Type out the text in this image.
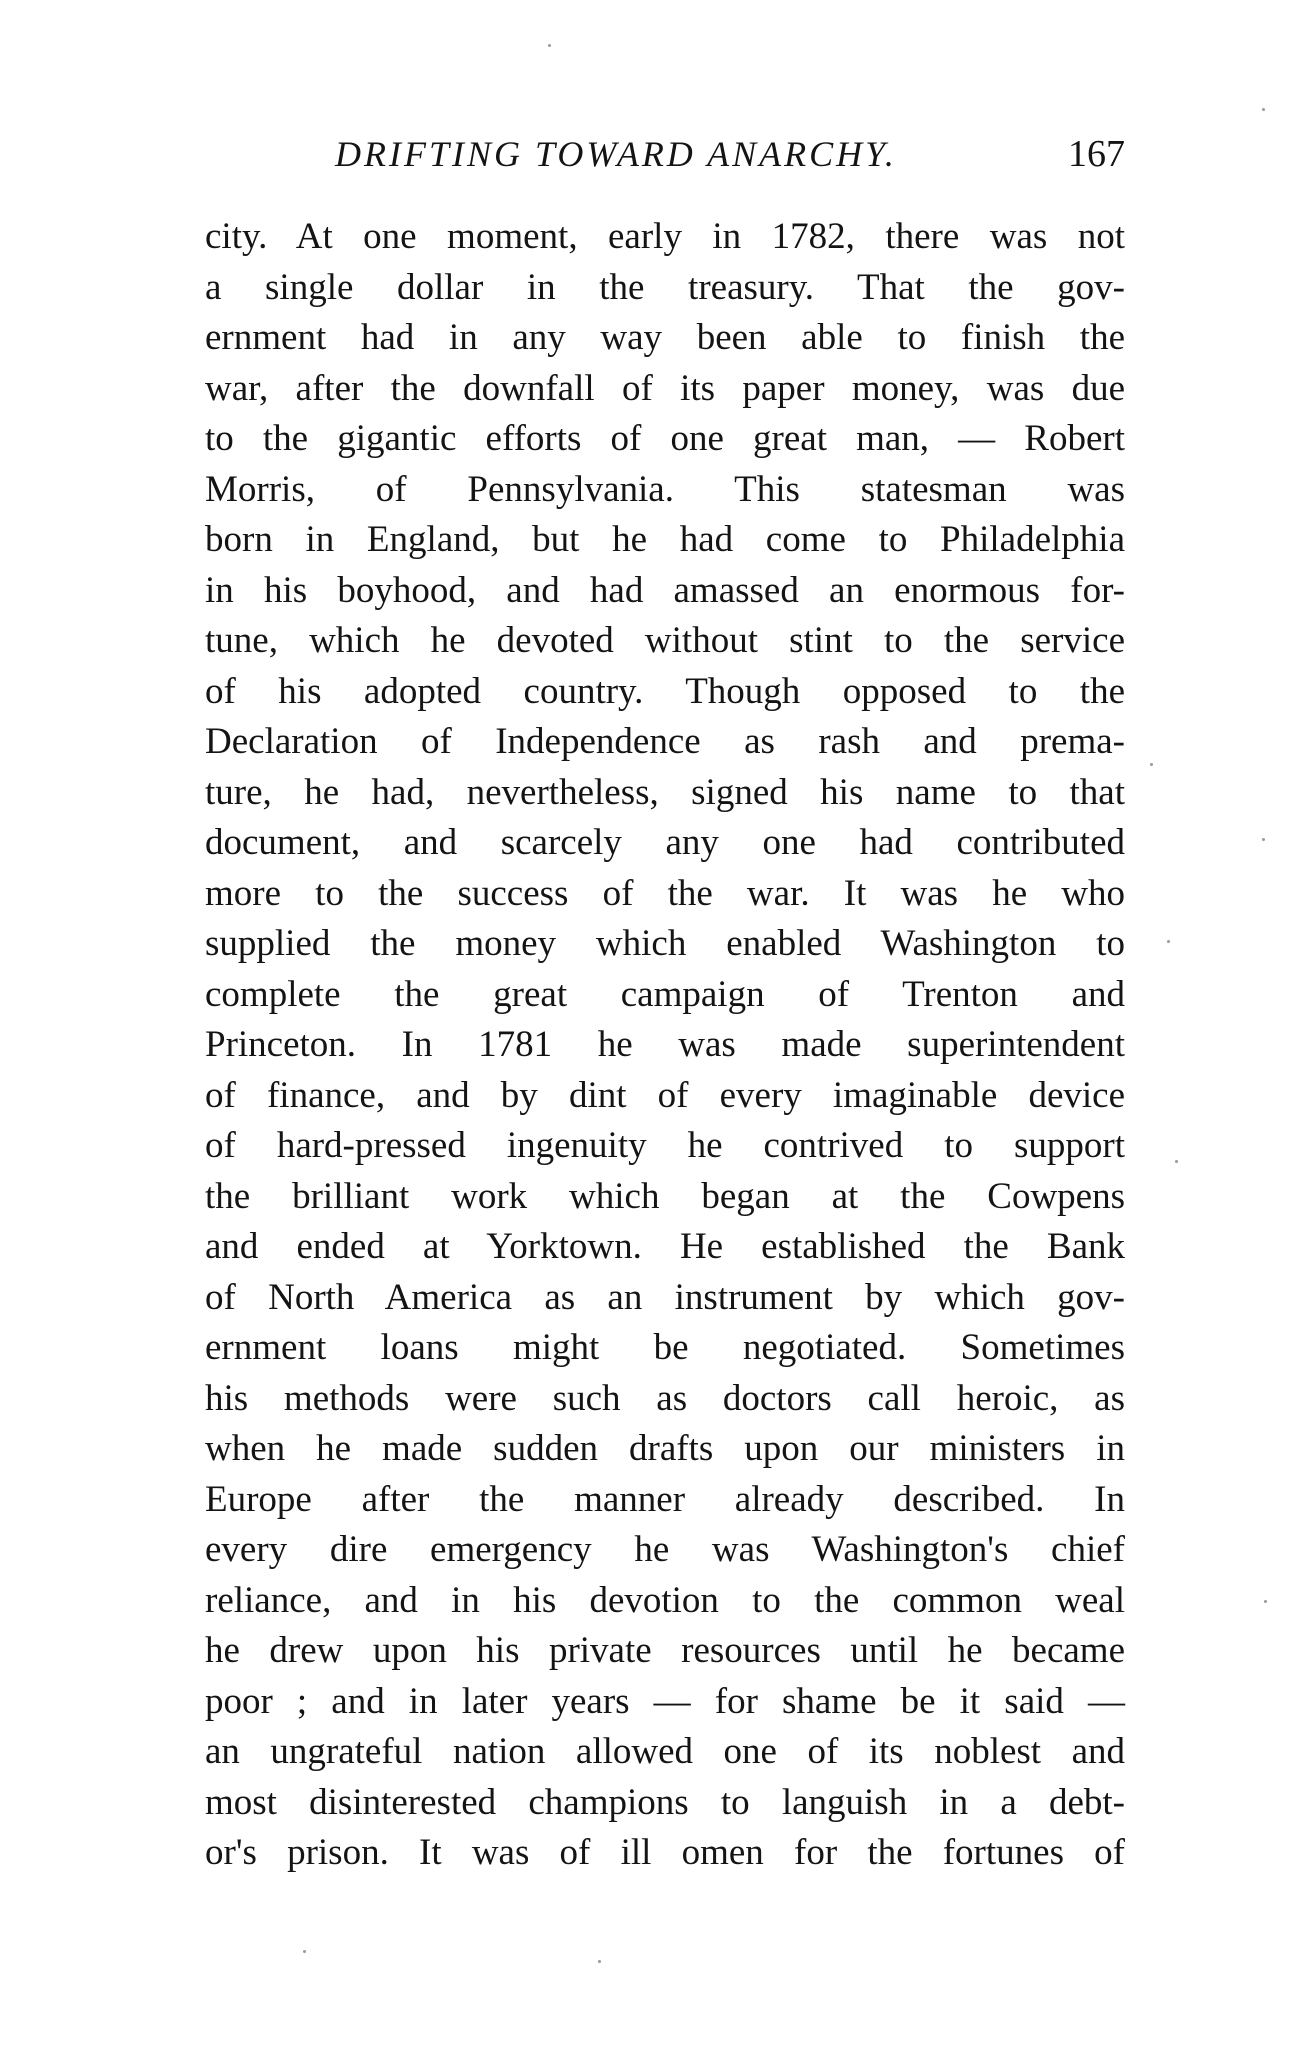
DRIFTING TOWARD ANARCHY.	167
city. At one moment, early in 1782, there was not
a single dollar in the treasury. That the gov-
ernment had in any way been able to finish the
war, after the downfall of its paper money, was due
to the gigantic efforts of one great man, — Robert
Morris, of Pennsylvania. This statesman was
born in England, but he had come to Philadelphia
in his boyhood, and had amassed an enormous for-
tune, which he devoted without stint to the service
of his adopted country. Though opposed to the
Declaration of Independence as rash and prema-
ture, he had, nevertheless, signed his name to that
document, and scarcely any one had contributed
more to the success of the war. It was he who
supplied the money which enabled Washington to
complete the great campaign of Trenton and
Princeton. In 1781 he was made superintendent
of finance, and by dint of every imaginable device
of hard-pressed ingenuity he contrived to support
the brilliant work which began at the Cowpens
and ended at Yorktown. He established the Bank
of North America as an instrument by which gov-
ernment loans might be negotiated. Sometimes
his methods were such as doctors call heroic, as
when he made sudden drafts upon our ministers in
Europe after the manner already described. In
every dire emergency he was Washington's chief
reliance, and in his devotion to the common weal
he drew upon his private resources until he became
poor ; and in later years — for shame be it said —
an ungrateful nation allowed one of its noblest and
most disinterested champions to languish in a debt-
or's prison. It was of ill omen for the fortunes of
